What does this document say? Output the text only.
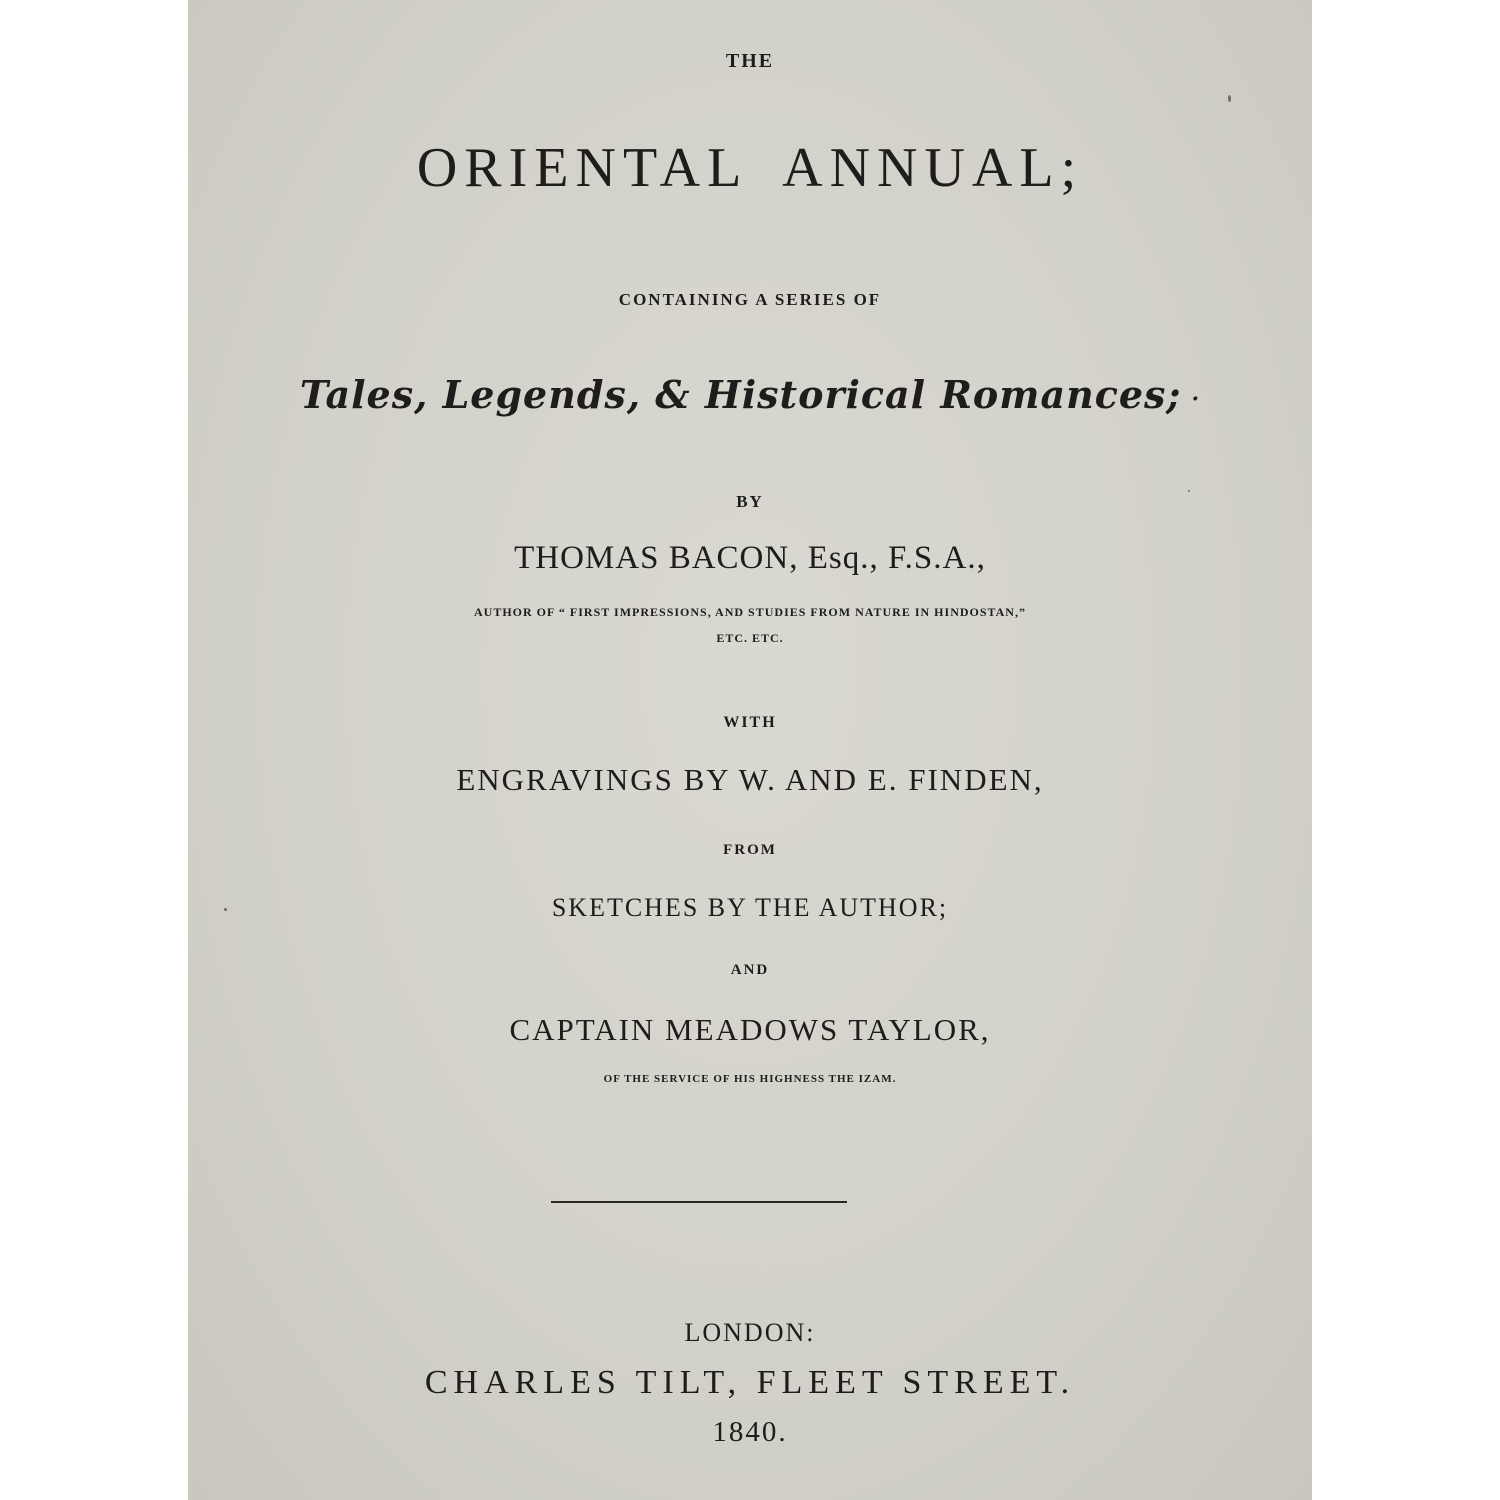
THE
ORIENTAL ANNUAL;
CONTAINING A SERIES OF
Tales, Legends, & Historical Romances; ·
BY
THOMAS BACON, Esq., F.S.A.,
AUTHOR OF “ FIRST IMPRESSIONS, AND STUDIES FROM NATURE IN HINDOSTAN,”
ETC. ETC.
WITH
ENGRAVINGS BY W. AND E. FINDEN,
FROM
SKETCHES BY THE AUTHOR;
AND
CAPTAIN MEADOWS TAYLOR,
OF THE SERVICE OF HIS HIGHNESS THE IZAM.
LONDON:
CHARLES TILT, FLEET STREET.
1840.
